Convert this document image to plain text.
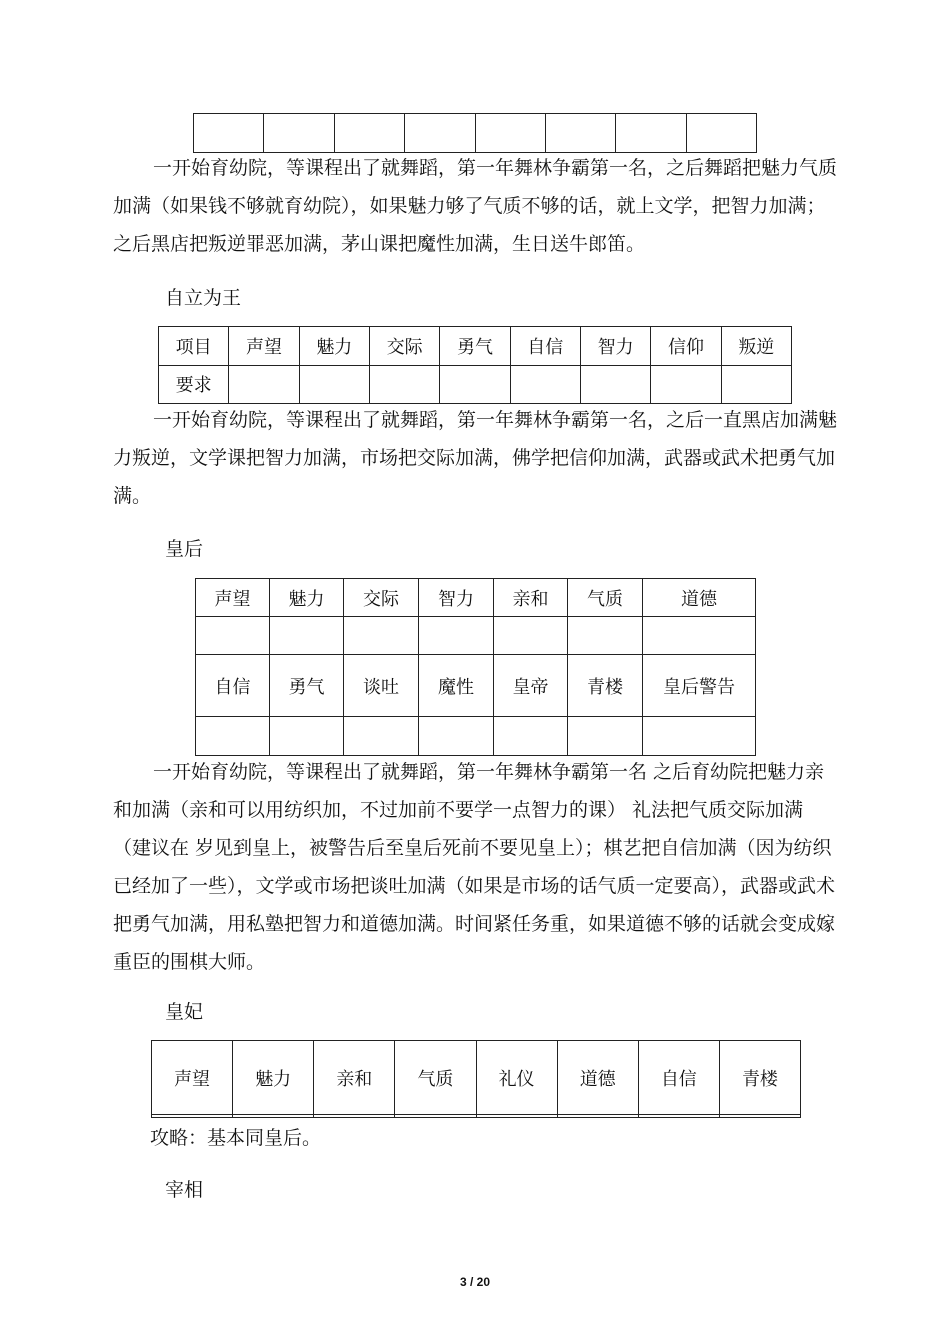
一开始育幼院，等课程出了就舞蹈，第一年舞林争霸第一名，之后舞蹈把魅力气质加满（如果钱不够就育幼院），如果魅力够了气质不够的话，就上文学，把智力加满；之后黑店把叛逆罪恶加满，茅山课把魔性加满，生日送牛郎笛。

自立为王

项目	声望	魅力	交际	勇气	自信	智力	信仰	叛逆
要求								

一开始育幼院，等课程出了就舞蹈，第一年舞林争霸第一名，之后一直黑店加满魅力叛逆，文学课把智力加满，市场把交际加满，佛学把信仰加满，武器或武术把勇气加满。

皇后

声望	魅力	交际	智力	亲和	气质	道德

自信	勇气	谈吐	魔性	皇帝	青楼	皇后警告

一开始育幼院，等课程出了就舞蹈，第一年舞林争霸第一名 之后育幼院把魅力亲和加满（亲和可以用纺织加，不过加前不要学一点智力的课） 礼法把气质交际加满（建议在 岁见到皇上，被警告后至皇后死前不要见皇上）；棋艺把自信加满（因为纺织已经加了一些），文学或市场把谈吐加满（如果是市场的话气质一定要高），武器或武术把勇气加满，用私塾把智力和道德加满。时间紧任务重，如果道德不够的话就会变成嫁重臣的围棋大师。

皇妃

声望	魅力	亲和	气质	礼仪	道德	自信	青楼

攻略：基本同皇后。

宰相

3 / 20
